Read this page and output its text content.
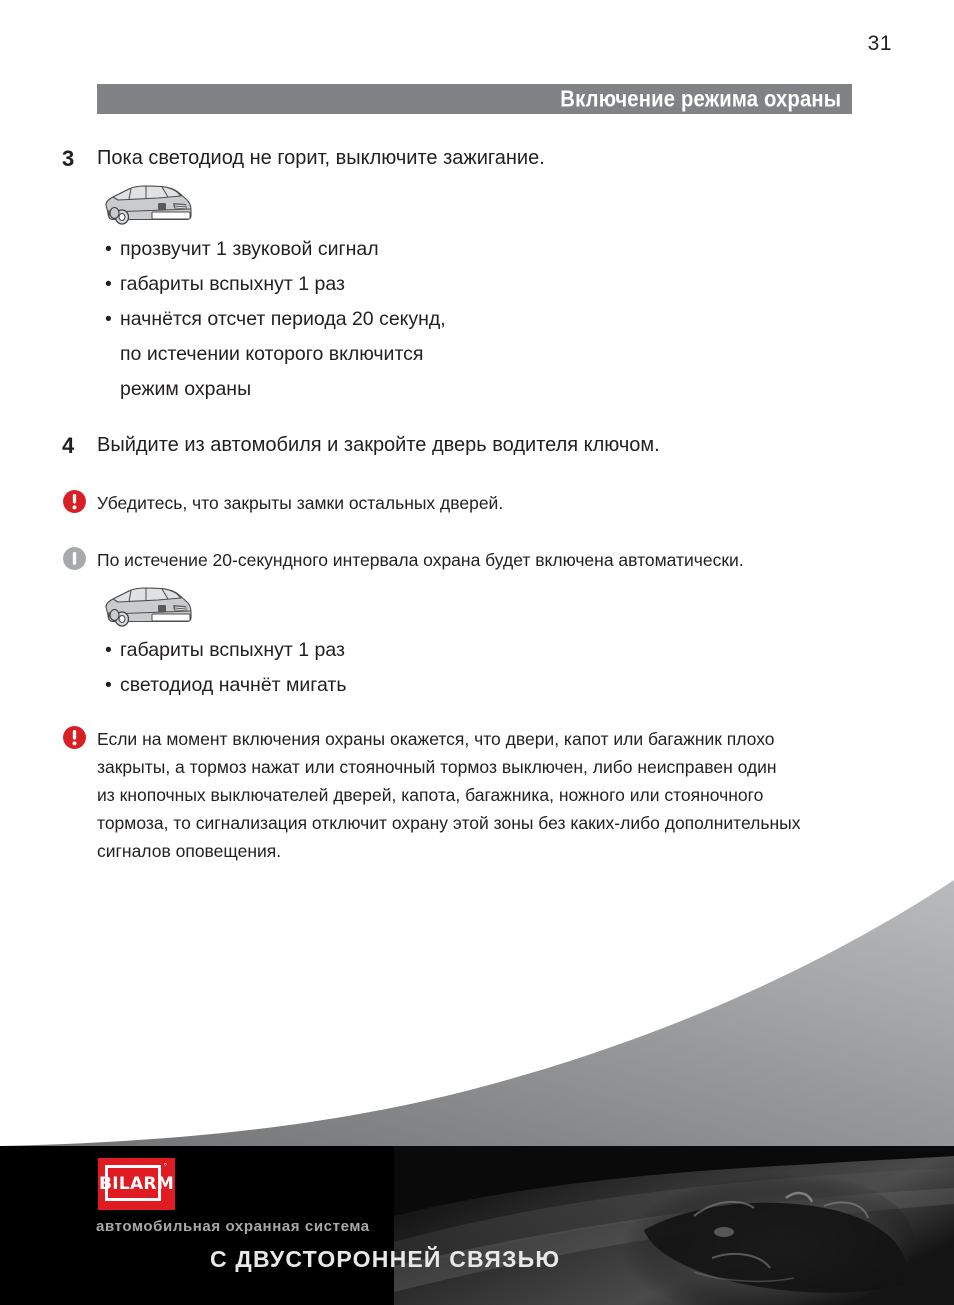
31
Включение режима охраны
3	Пока светодиод не горит, выключите зажигание.
• прозвучит 1 звуковой сигнал
• габариты вспыхнут 1 раз
• начнётся отсчет периода 20 секунд,
по истечении которого включится
режим охраны
4	Выйдите из автомобиля и закройте дверь водителя ключом.
Убедитесь, что закрыты замки остальных дверей.
По истечение 20-секундного интервала охрана будет включена автоматически.
• габариты вспыхнут 1 раз
• светодиод начнёт мигать
Если на момент включения охраны окажется, что двери, капот или багажник плохо
закрыты, а тормоз нажат или стояночный тормоз выключен, либо неисправен один
из кнопочных выключателей дверей, капота, багажника, ножного или стояночного
тормоза, то сигнализация отключит охрану этой зоны без каких-либо дополнительных
сигналов оповещения.
BILARM
°
автомобильная охранная система
С ДВУСТОРОННЕЙ СВЯЗЬЮ
